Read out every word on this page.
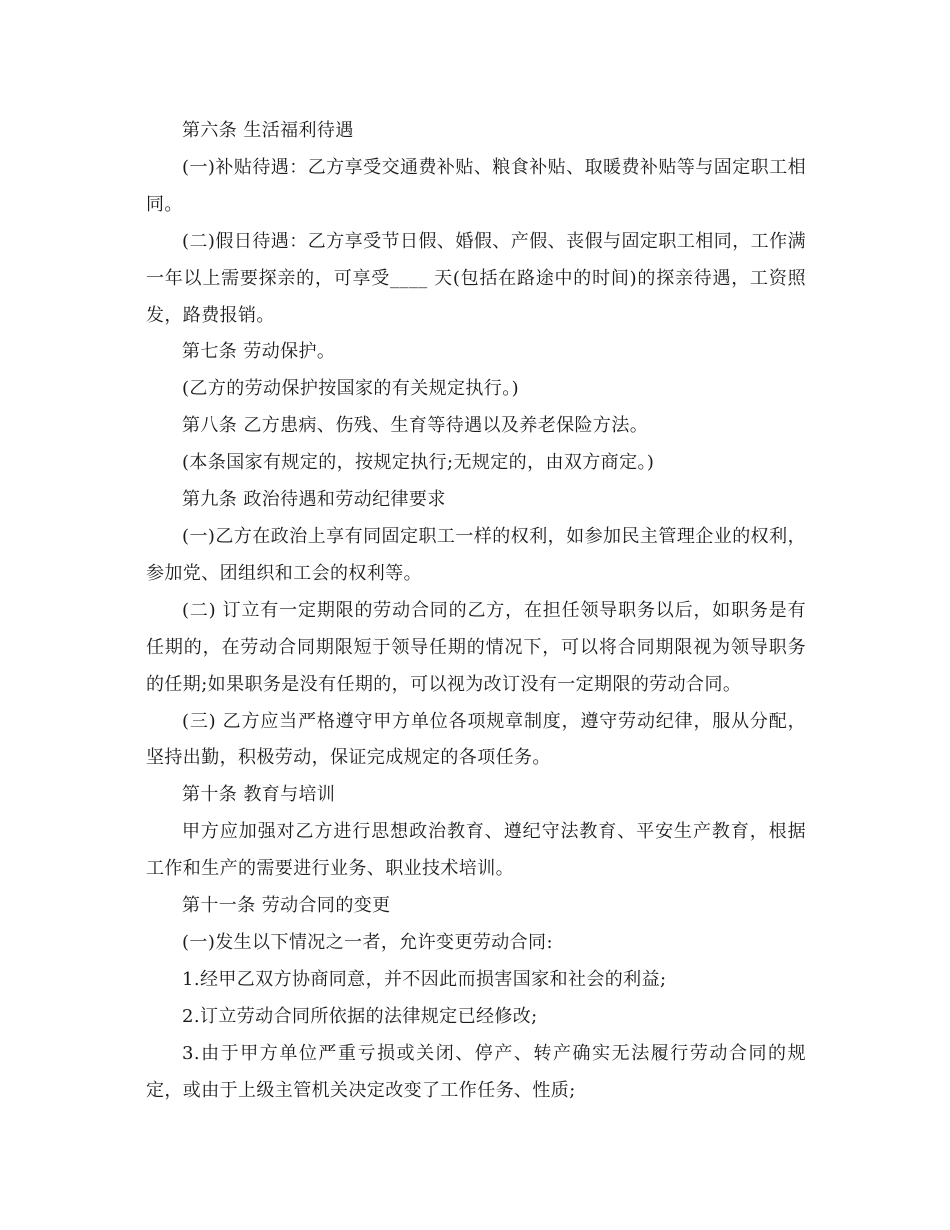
第六条 生活福利待遇

(一)补贴待遇：乙方享受交通费补贴、粮食补贴、取暖费补贴等与固定职工相同。

(二)假日待遇：乙方享受节日假、婚假、产假、丧假与固定职工相同，工作满一年以上需要探亲的，可享受____ 天(包括在路途中的时间)的探亲待遇，工资照发，路费报销。

第七条 劳动保护。

(乙方的劳动保护按国家的有关规定执行。)

第八条 乙方患病、伤残、生育等待遇以及养老保险方法。

(本条国家有规定的，按规定执行;无规定的，由双方商定。)

第九条 政治待遇和劳动纪律要求

(一)乙方在政治上享有同固定职工一样的权利，如参加民主管理企业的权利，参加党、团组织和工会的权利等。

(二) 订立有一定期限的劳动合同的乙方，在担任领导职务以后，如职务是有任期的，在劳动合同期限短于领导任期的情况下，可以将合同期限视为领导职务的任期;如果职务是没有任期的，可以视为改订没有一定期限的劳动合同。

(三) 乙方应当严格遵守甲方单位各项规章制度，遵守劳动纪律，服从分配，坚持出勤，积极劳动，保证完成规定的各项任务。

第十条 教育与培训

甲方应加强对乙方进行思想政治教育、遵纪守法教育、平安生产教育，根据工作和生产的需要进行业务、职业技术培训。

第十一条 劳动合同的变更

(一)发生以下情况之一者，允许变更劳动合同:

1.经甲乙双方协商同意，并不因此而损害国家和社会的利益;

2.订立劳动合同所依据的法律规定已经修改;

3.由于甲方单位严重亏损或关闭、停产、转产确实无法履行劳动合同的规定，或由于上级主管机关决定改变了工作任务、性质;
